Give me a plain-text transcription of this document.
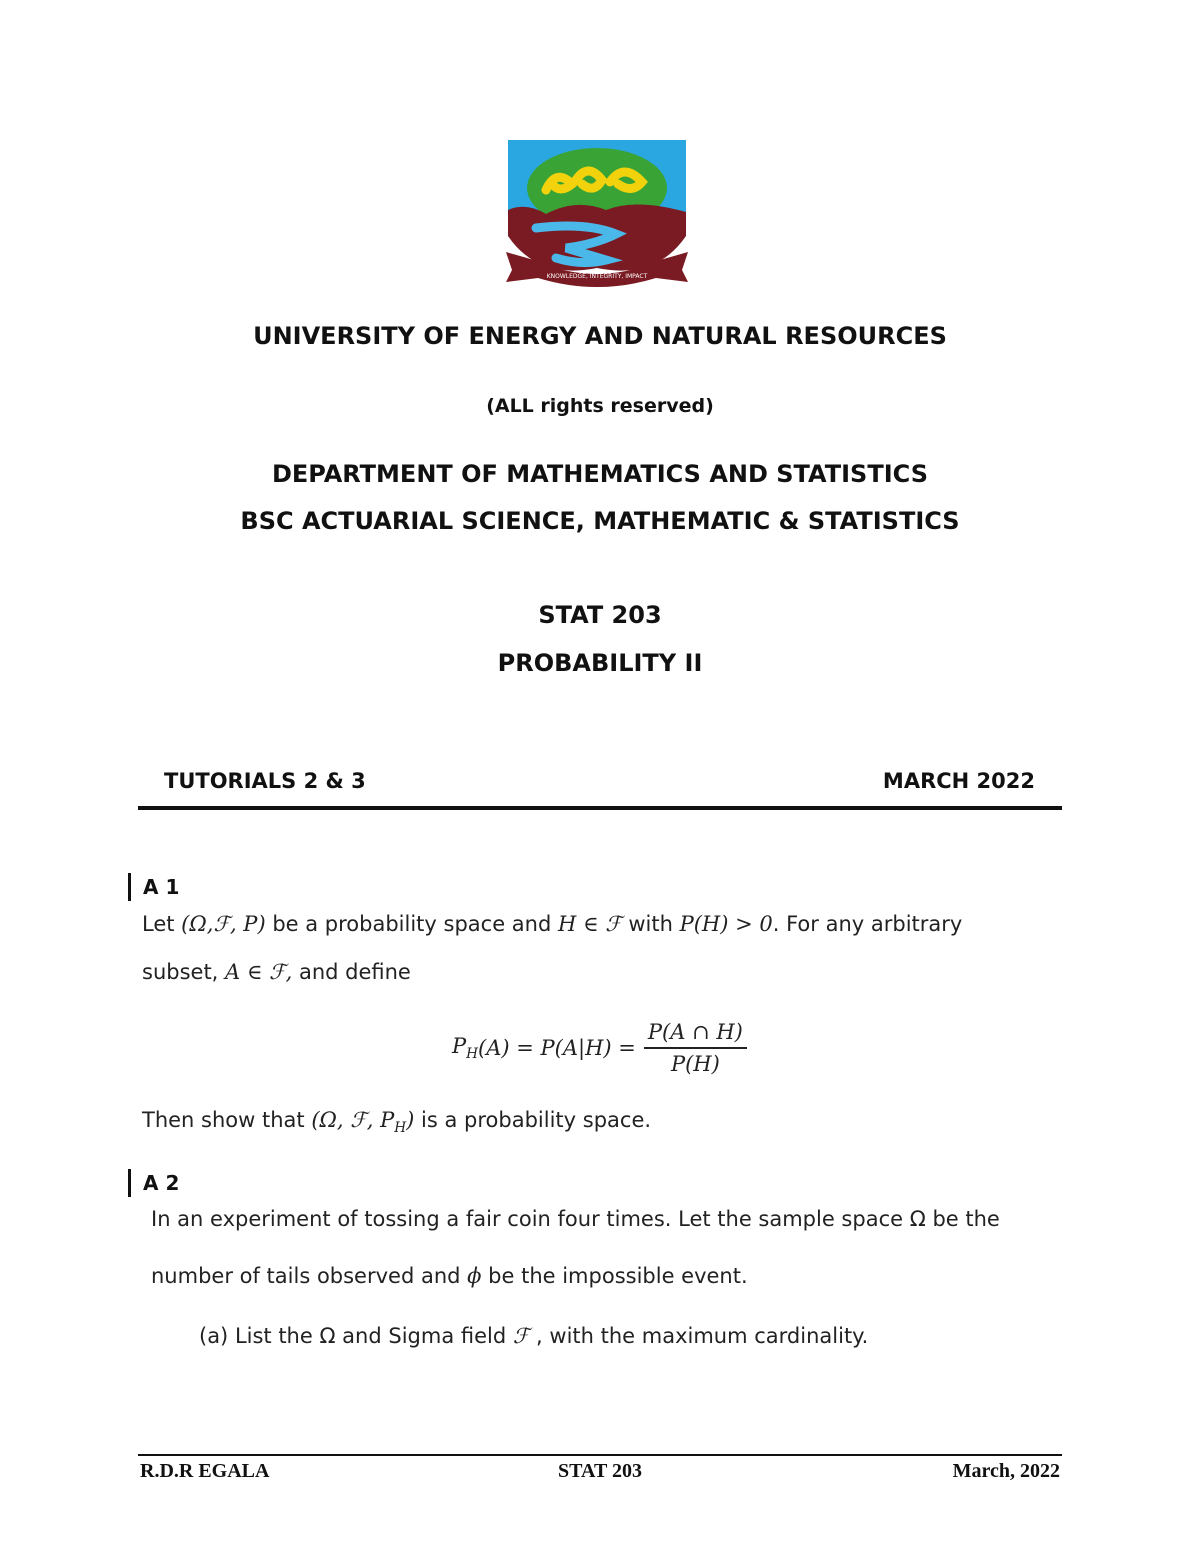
KNOWLEDGE, INTEGRITY, IMPACT
UNIVERSITY OF ENERGY AND NATURAL RESOURCES
(ALL rights reserved)
DEPARTMENT OF MATHEMATICS AND STATISTICS
BSC ACTUARIAL SCIENCE, MATHEMATIC & STATISTICS
STAT 203
PROBABILITY II
TUTORIALS 2 & 3	MARCH 2022
A 1
Let (Ω,ℱ, P) be a probability space and H ∈ ℱ with P(H) > 0. For any arbitrary
subset, A ∈ ℱ, and define
$P_H$ $(A) = P(A|H) = \frac{P(A \cap H)}{P(H)}$
Then show that (Ω, ℱ, $P_H$) is a probability space.
A 2
In an experiment of tossing a fair coin four times. Let the sample space Ω be the
number of tails observed and ϕ be the impossible event.
(a) List the Ω and Sigma field ℱ , with the maximum cardinality.
R.D.R EGALA	STAT 203	March, 2022
